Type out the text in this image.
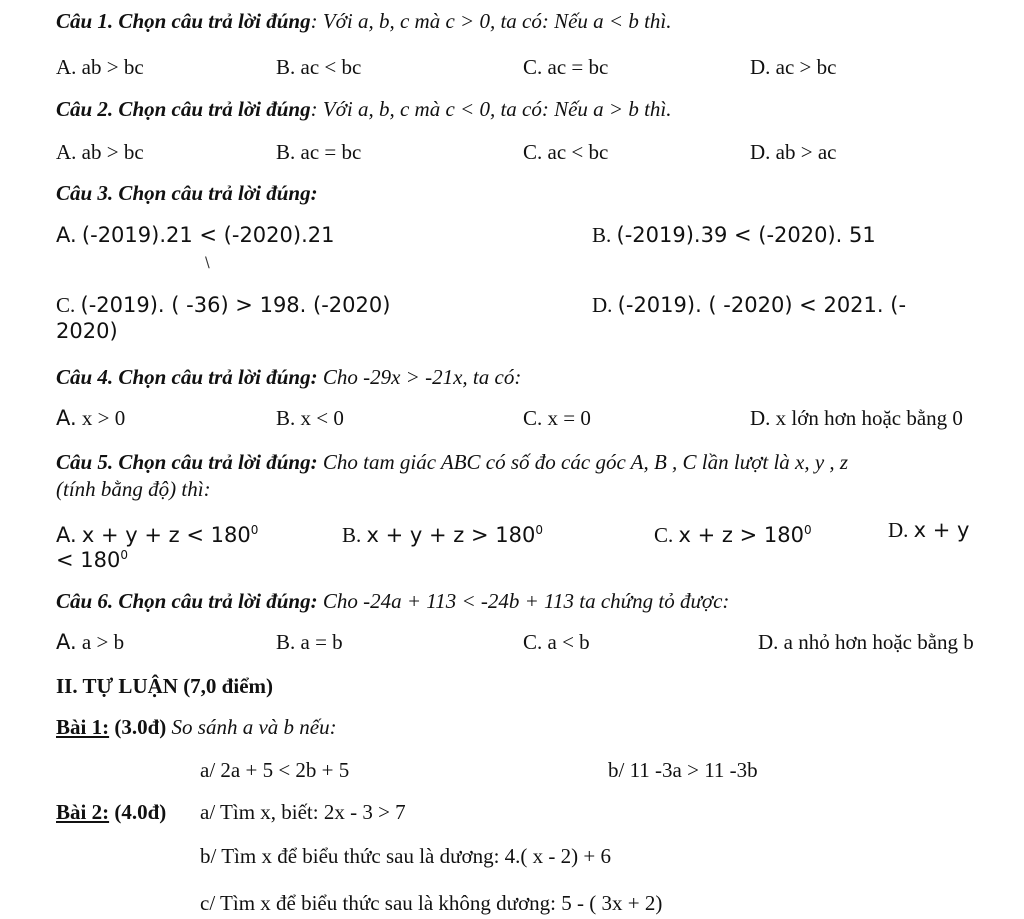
Câu 1. Chọn câu trả lời đúng: Với a, b, c mà c > 0, ta có: Nếu a < b thì.
A. ab > bc	B. ac < bc	C. ac = bc	D. ac > bc
Câu 2. Chọn câu trả lời đúng: Với a, b, c mà c < 0, ta có: Nếu a > b thì.
A. ab > bc	B. ac = bc	C. ac < bc	D. ab > ac
Câu 3. Chọn câu trả lời đúng:
A. (-2019).21 < (-2020).21	B. (-2019).39 < (-2020). 51
\
C. (-2019). ( -36) > 198. (-2020)	D. (-2019). ( -2020) < 2021. (-
2020)
Câu 4. Chọn câu trả lời đúng: Cho -29x > -21x, ta có:
A. x > 0	B. x < 0	C. x = 0	D. x lớn hơn hoặc bằng 0
Câu 5. Chọn câu trả lời đúng: Cho tam giác ABC có số đo các góc A, B , C lần lượt là x, y , z
(tính bằng độ) thì:
A. $x + y + z < 180^0$	B. $x + y + z > 180^0$	C. $x + z > 180^0$	D. x + y
< $180^0$
Câu 6. Chọn câu trả lời đúng: Cho -24a + 113 < -24b + 113 ta chứng tỏ được:
A. a > b	B. a = b	C. a < b	D. a nhỏ hơn hoặc bằng b
II. TỰ LUẬN (7,0 điểm)
Bài 1: (3.0đ) So sánh a và b nếu:
a/ 2a + 5 < 2b + 5	b/ 11 -3a > 11 -3b
Bài 2: (4.0đ) a/ Tìm x, biết: 2x - 3 > 7
b/ Tìm x để biểu thức sau là dương: 4.( x - 2) + 6
c/ Tìm x để biểu thức sau là không dương: 5 - ( 3x + 2)
